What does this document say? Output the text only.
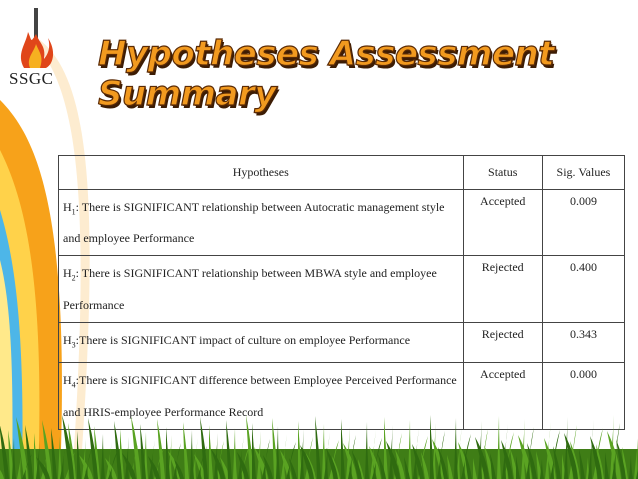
SSGC
Hypotheses Assessment Summary
Hypotheses	Status	Sig. Values
$H_1$: There is SIGNIFICANT relationship between Autocratic management style and employee Performance	Accepted	0.009
$H_2$: There is SIGNIFICANT relationship between MBWA style and employee Performance	Rejected	0.400
$H_3:There$ is SIGNIFICANT impact of culture on employee Performance	Rejected	0.343
$H_4:There$ is SIGNIFICANT difference between Employee Perceived Performance and HRIS-employee Performance Record	Accepted	0.000
